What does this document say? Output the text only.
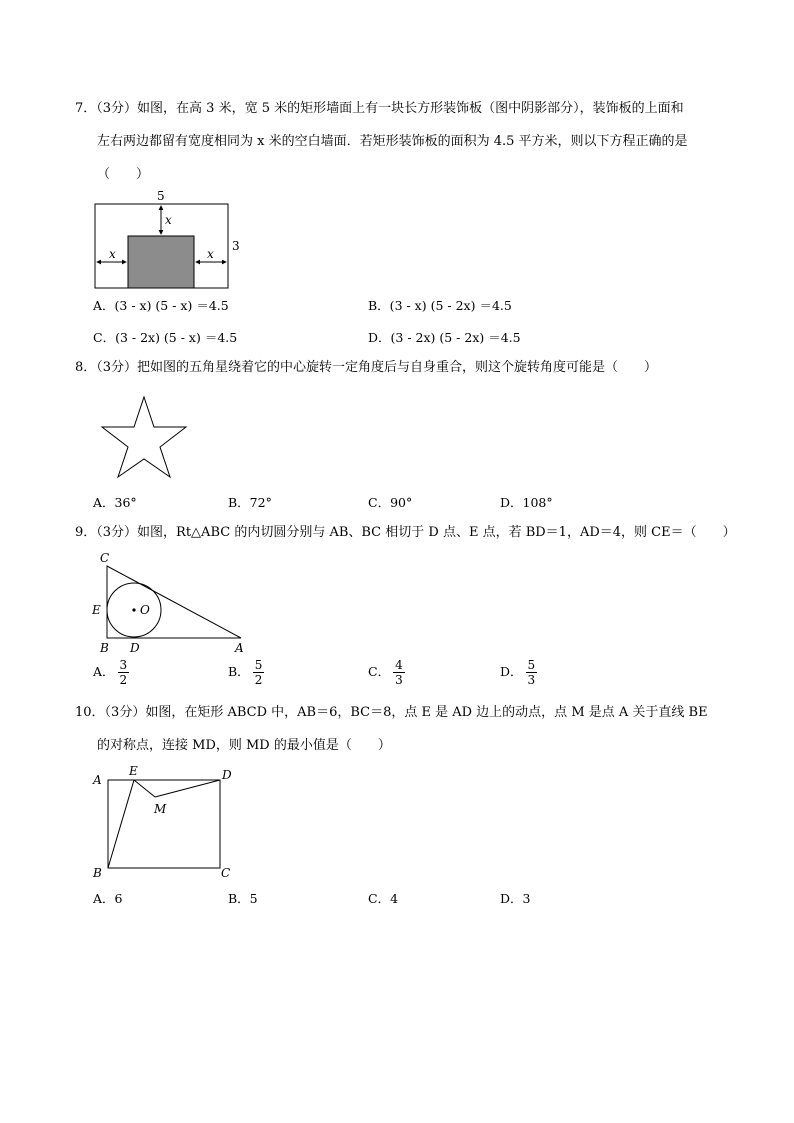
7．（3分）如图，在高 3 米，宽 5 米的矩形墙面上有一块长方形装饰板（图中阴影部分），装饰板的上面和
左右两边都留有宽度相同为 x 米的空白墙面．若矩形装饰板的面积为 4.5 平方米，则以下方程正确的是
（　　）
5
3
x
x	x
A．(3 - x) (5 - x) ＝4.5	B．(3 - x) (5 - 2x) ＝4.5
C．(3 - 2x) (5 - x) ＝4.5	D．(3 - 2x) (5 - 2x) ＝4.5
8．（3分）把如图的五角星绕着它的中心旋转一定角度后与自身重合，则这个旋转角度可能是（　　）
A．36°	B．72°	C．90°	D．108°
9．（3分）如图，Rt△ABC 的内切圆分别与 AB、BC 相切于 D 点、E 点，若 BD＝1，AD＝4，则 CE＝（　　）
C
E	O
B D	A
A． $\frac{3}{2}$	B． $\frac{5}{2}$	C． $\frac{4}{3}$	D． $\frac{5}{3}$
10．（3分）如图，在矩形 ABCD 中，AB＝6，BC＝8，点 E 是 AD 边上的动点，点 M 是点 A 关于直线 BE
的对称点，连接 MD，则 MD 的最小值是（　　）
A
E	D
M
B	C
A．6	B．5	C．4	D．3
